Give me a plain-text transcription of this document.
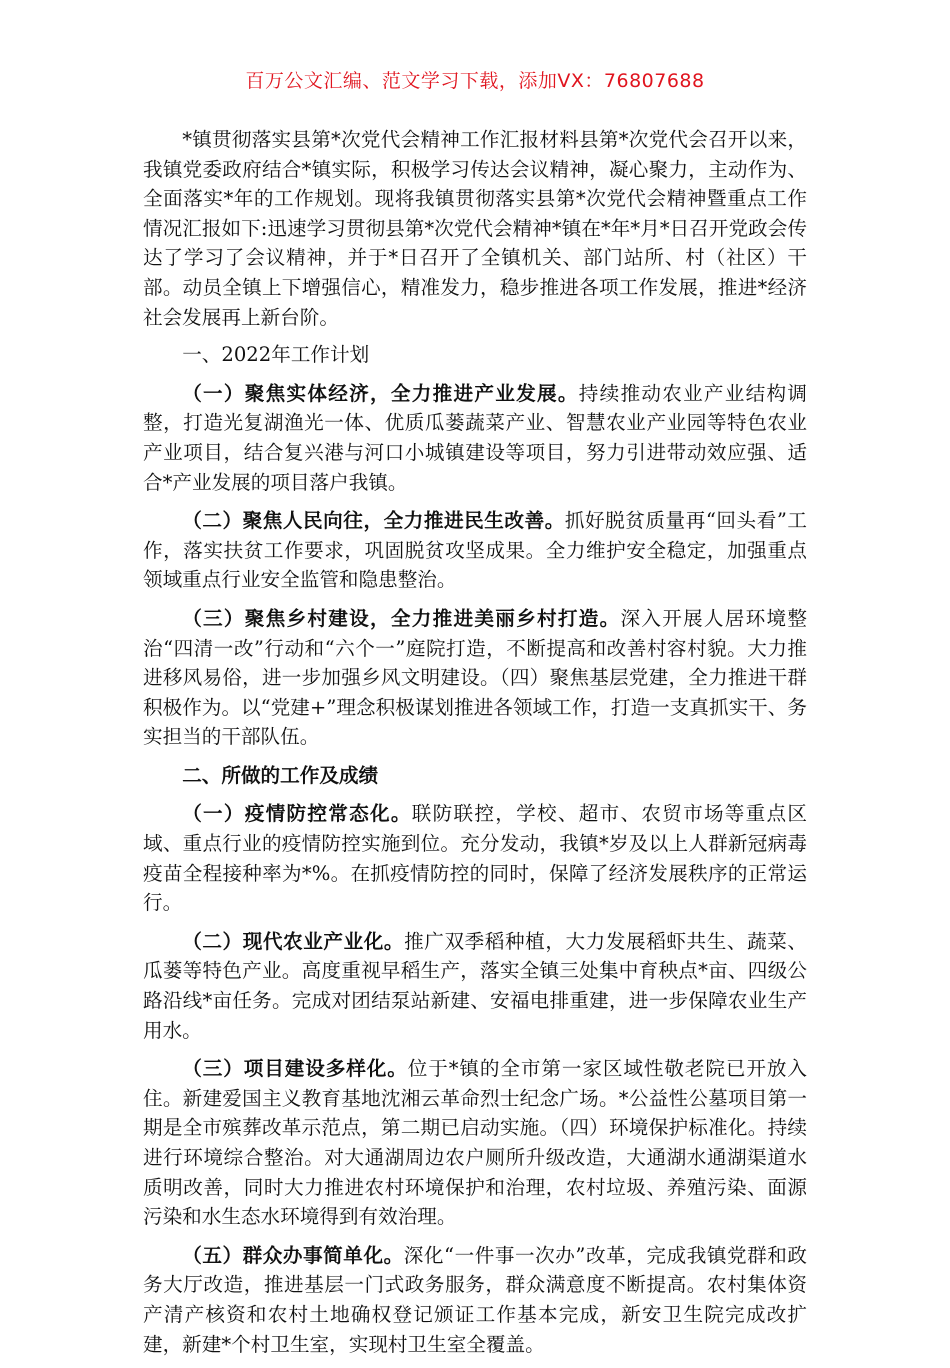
百万公文汇编、范文学习下载，添加VX：76807688

*镇贯彻落实县第*次党代会精神工作汇报材料县第*次党代会召开以来，我镇党委政府结合*镇实际，积极学习传达会议精神，凝心聚力，主动作为、全面落实*年的工作规划。现将我镇贯彻落实县第*次党代会精神暨重点工作情况汇报如下:迅速学习贯彻县第*次党代会精神*镇在*年*月*日召开党政会传达了学习了会议精神，并于*日召开了全镇机关、部门站所、村（社区）干部。动员全镇上下增强信心，精准发力，稳步推进各项工作发展，推进*经济社会发展再上新台阶。

一、2022年工作计划

（一）聚焦实体经济，全力推进产业发展。持续推动农业产业结构调整，打造光复湖渔光一体、优质瓜蒌蔬菜产业、智慧农业产业园等特色农业产业项目，结合复兴港与河口小城镇建设等项目，努力引进带动效应强、适合*产业发展的项目落户我镇。

（二）聚焦人民向往，全力推进民生改善。抓好脱贫质量再“回头看”工作，落实扶贫工作要求，巩固脱贫攻坚成果。全力维护安全稳定，加强重点领域重点行业安全监管和隐患整治。

（三）聚焦乡村建设，全力推进美丽乡村打造。深入开展人居环境整治“四清一改”行动和“六个一”庭院打造，不断提高和改善村容村貌。大力推进移风易俗，进一步加强乡风文明建设。（四）聚焦基层党建，全力推进干群积极作为。以“党建+”理念积极谋划推进各领域工作，打造一支真抓实干、务实担当的干部队伍。

二、所做的工作及成绩

（一）疫情防控常态化。联防联控，学校、超市、农贸市场等重点区域、重点行业的疫情防控实施到位。充分发动，我镇*岁及以上人群新冠病毒疫苗全程接种率为*%。在抓疫情防控的同时，保障了经济发展秩序的正常运行。

（二）现代农业产业化。推广双季稻种植，大力发展稻虾共生、蔬菜、瓜蒌等特色产业。高度重视早稻生产，落实全镇三处集中育秧点*亩、四级公路沿线*亩任务。完成对团结泵站新建、安福电排重建，进一步保障农业生产用水。

（三）项目建设多样化。位于*镇的全市第一家区域性敬老院已开放入住。新建爱国主义教育基地沈湘云革命烈士纪念广场。*公益性公墓项目第一期是全市殡葬改革示范点，第二期已启动实施。（四）环境保护标准化。持续进行环境综合整治。对大通湖周边农户厕所升级改造，大通湖水通湖渠道水质明改善，同时大力推进农村环境保护和治理，农村垃圾、养殖污染、面源污染和水生态水环境得到有效治理。

（五）群众办事简单化。深化“一件事一次办”改革，完成我镇党群和政务大厅改造，推进基层一门式政务服务，群众满意度不断提高。农村集体资产清产核资和农村土地确权登记颁证工作基本完成，新安卫生院完成改扩建，新建*个村卫生室，实现村卫生室全覆盖。
